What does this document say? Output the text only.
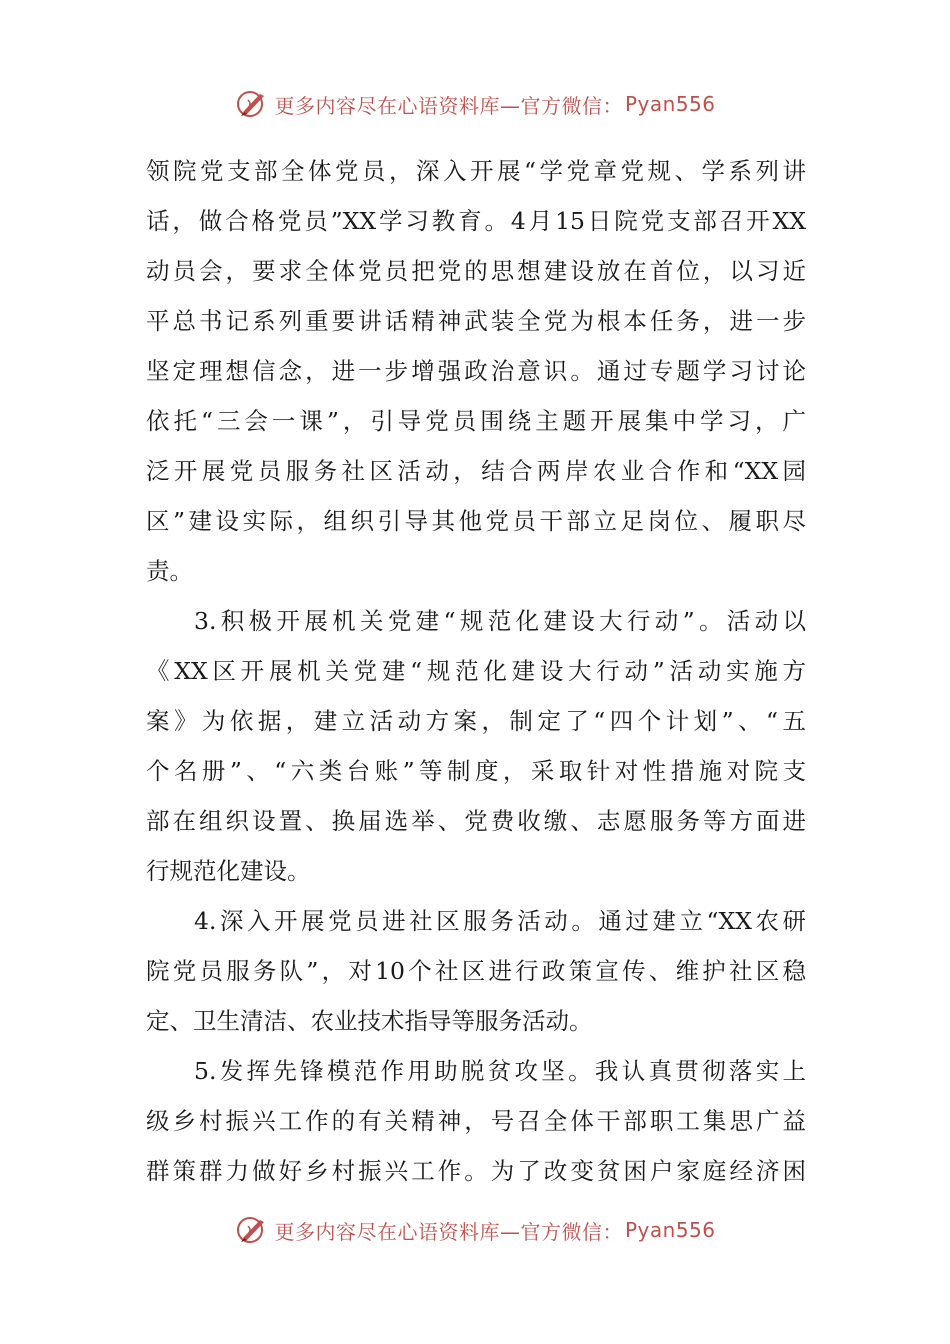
更多内容尽在心语资料库—官方微信： Pyan556
领院党支部全体党员，深入开展“学党章党规、学系列讲
话，做合格党员”XX学习教育。4月15日院党支部召开XX
动员会，要求全体党员把党的思想建设放在首位，以习近
平总书记系列重要讲话精神武装全党为根本任务，进一步
坚定理想信念，进一步增强政治意识。通过专题学习讨论
依托“三会一课”，引导党员围绕主题开展集中学习，广
泛开展党员服务社区活动，结合两岸农业合作和“XX园
区”建设实际，组织引导其他党员干部立足岗位、履职尽
责。
3.积极开展机关党建“规范化建设大行动”。活动以
《XX区开展机关党建“规范化建设大行动”活动实施方
案》为依据，建立活动方案，制定了“四个计划”、“五
个名册”、“六类台账”等制度，采取针对性措施对院支
部在组织设置、换届选举、党费收缴、志愿服务等方面进
行规范化建设。
4.深入开展党员进社区服务活动。通过建立“XX农研
院党员服务队”，对10个社区进行政策宣传、维护社区稳
定、卫生清洁、农业技术指导等服务活动。
5.发挥先锋模范作用助脱贫攻坚。我认真贯彻落实上
级乡村振兴工作的有关精神，号召全体干部职工集思广益
群策群力做好乡村振兴工作。为了改变贫困户家庭经济困
更多内容尽在心语资料库—官方微信： Pyan556
